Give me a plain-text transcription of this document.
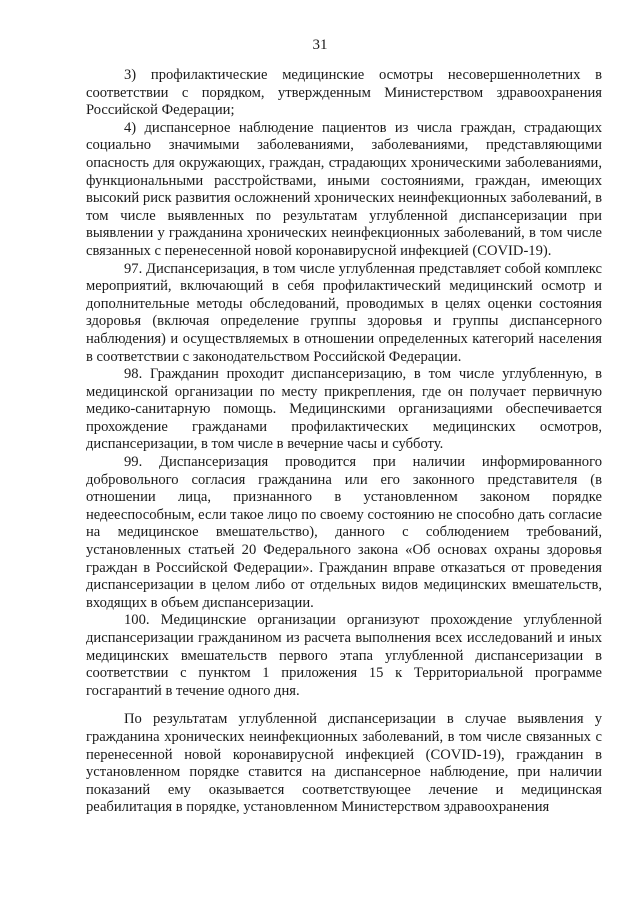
31

3) профилактические медицинские осмотры несовершеннолетних в соответствии с порядком, утвержденным Министерством здравоохранения Российской Федерации;

4) диспансерное наблюдение пациентов из числа граждан, страдающих социально значимыми заболеваниями, заболеваниями, представляющими опасность для окружающих, граждан, страдающих хроническими заболеваниями, функциональными расстройствами, иными состояниями, граждан, имеющих высокий риск развития осложнений хронических неинфекционных заболеваний, в том числе выявленных по результатам углубленной диспансеризации при выявлении у гражданина хронических неинфекционных заболеваний, в том числе связанных с перенесенной новой коронавирусной инфекцией (COVID-19).

97. Диспансеризация, в том числе углубленная представляет собой комплекс мероприятий, включающий в себя профилактический медицинский осмотр и дополнительные методы обследований, проводимых в целях оценки состояния здоровья (включая определение группы здоровья и группы диспансерного наблюдения) и осуществляемых в отношении определенных категорий населения в соответствии с законодательством Российской Федерации.

98. Гражданин проходит диспансеризацию, в том числе углубленную, в медицинской организации по месту прикрепления, где он получает первичную медико-санитарную помощь. Медицинскими организациями обеспечивается прохождение гражданами профилактических медицинских осмотров, диспансеризации, в том числе в вечерние часы и субботу.

99. Диспансеризация проводится при наличии информированного добровольного согласия гражданина или его законного представителя (в отношении лица, признанного в установленном законом порядке недееспособным, если такое лицо по своему состоянию не способно дать согласие на медицинское вмешательство), данного с соблюдением требований, установленных статьей 20 Федерального закона «Об основах охраны здоровья граждан в Российской Федерации». Гражданин вправе отказаться от проведения диспансеризации в целом либо от отдельных видов медицинских вмешательств, входящих в объем диспансеризации.

100. Медицинские организации организуют прохождение углубленной диспансеризации гражданином из расчета выполнения всех исследований и иных медицинских вмешательств первого этапа углубленной диспансеризации в соответствии с пунктом 1 приложения 15 к Территориальной программе госгарантий в течение одного дня.

По результатам углубленной диспансеризации в случае выявления у гражданина хронических неинфекционных заболеваний, в том числе связанных с перенесенной новой коронавирусной инфекцией (COVID-19), гражданин в установленном порядке ставится на диспансерное наблюдение, при наличии показаний ему оказывается соответствующее лечение и медицинская реабилитация в порядке, установленном Министерством здравоохранения
